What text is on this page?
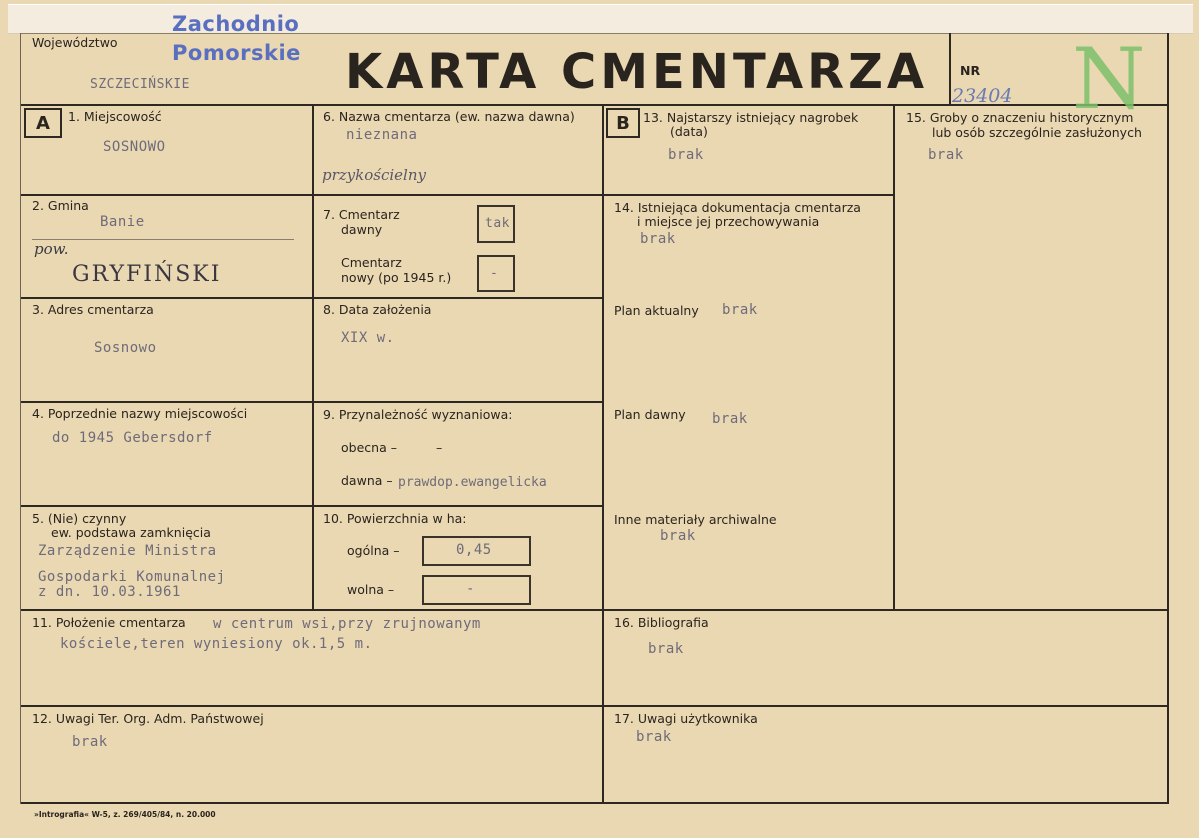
Województwo
SZCZECIŃSKIE
Zachodnio
Pomorskie KARTA CMENTARZA	NR
23404 N
A	B
1. Miejscowość
SOSNOWO
2. Gmina
Banie
pow.
GRYFIŃSKI
3. Adres cmentarza
Sosnowo
4. Poprzednie nazwy miejscowości
do 1945 Gebersdorf
5. (Nie) czynny
ew. podstawa zamknięcia
Zarządzenie Ministra
Gospodarki Komunalnej
z dn. 10.03.1961
6. Nazwa cmentarza (ew. nazwa dawna)
nieznana
przykościelny
7. Cmentarz
dawny	tak
Cmentarz
nowy (po 1945 r.)	-
8. Data założenia
XIX w.
9. Przynależność wyznaniowa:
obecna –	–
dawna – prawdop.ewangelicka
10. Powierzchnia w ha:
ogólna –	0,45
wolna –	-
11. Położenie cmentarza w centrum wsi,przy zrujnowanym
kościele,teren wyniesiony ok.1,5 m.
12. Uwagi Ter. Org. Adm. Państwowej
brak
13. Najstarszy istniejący nagrobek
(data)
brak
14. Istniejąca dokumentacja cmentarza
i miejsce jej przechowywania
brak
Plan aktualny brak
Plan dawny brak
Inne materiały archiwalne
brak
15. Groby o znaczeniu historycznym
lub osób szczególnie zasłużonych
brak
16. Bibliografia
brak
17. Uwagi użytkownika
brak
»Intrografia« W-5, z. 269/405/84, n. 20.000
